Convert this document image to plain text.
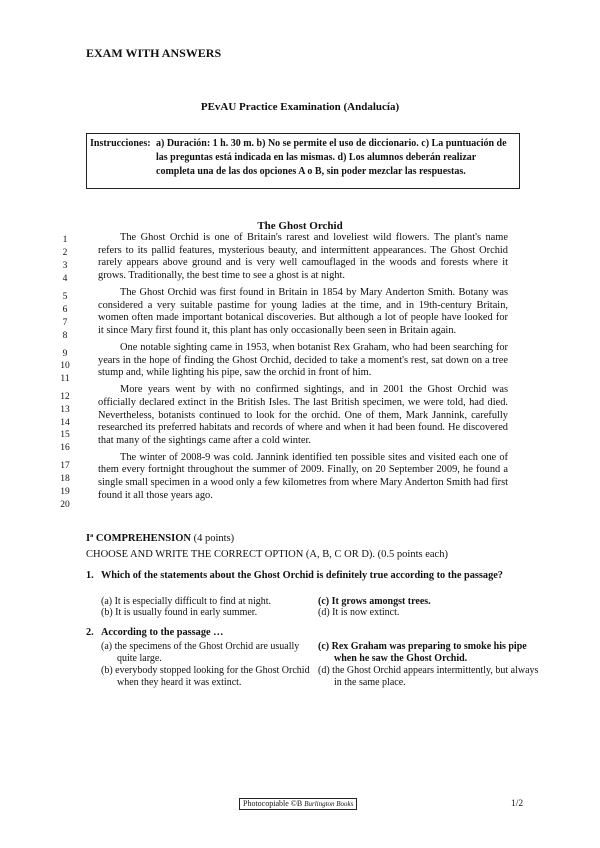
EXAM WITH ANSWERS
PEvAU Practice Examination (Andalucía)
Instrucciones: a) Duración: 1 h. 30 m. b) No se permite el uso de diccionario. c) La puntuación de las preguntas está indicada en las mismas. d) Los alumnos deberán realizar completa una de las dos opciones A o B, sin poder mezclar las respuestas.
The Ghost Orchid
1
2
3
4
5
6
7
8
9
10
11
12
13
14
15
16
17
18
19
20

The Ghost Orchid is one of Britain's rarest and loveliest wild flowers. The plant's name refers to its pallid features, mysterious beauty, and intermittent appearances. The Ghost Orchid rarely appears above ground and is very well camouflaged in the woods and forests where it grows. Traditionally, the best time to see a ghost is at night.

The Ghost Orchid was first found in Britain in 1854 by Mary Anderton Smith. Botany was considered a very suitable pastime for young ladies at the time, and in 19th-century Britain, women often made important botanical discoveries. But although a lot of people have looked for it since Mary first found it, this plant has only occasionally been seen in Britain again.

One notable sighting came in 1953, when botanist Rex Graham, who had been searching for years in the hope of finding the Ghost Orchid, decided to take a moment's rest, sat down on a tree stump and, while lighting his pipe, saw the orchid in front of him.

More years went by with no confirmed sightings, and in 2001 the Ghost Orchid was officially declared extinct in the British Isles. The last British specimen, we were told, had died. Nevertheless, botanists continued to look for the orchid. One of them, Mark Jannink, carefully researched its preferred habitats and records of where and when it had been found. He discovered that many of the sightings came after a cold winter.

The winter of 2008-9 was cold. Jannink identified ten possible sites and visited each one of them every fortnight throughout the summer of 2009. Finally, on 20 September 2009, he found a single small specimen in a wood only a few kilometres from where Mary Anderton Smith had first found it all those years ago.

Iª COMPREHENSION (4 points)
CHOOSE AND WRITE THE CORRECT OPTION (A, B, C OR D). (0.5 points each)
1. Which of the statements about the Ghost Orchid is definitely true according to the passage?
(a) It is especially difficult to find at night.
(b) It is usually found in early summer.
(c) It grows amongst trees.
(d) It is now extinct.
2. According to the passage …
(a) the specimens of the Ghost Orchid are usually quite large.
(b) everybody stopped looking for the Ghost Orchid when they heard it was extinct.
(c) Rex Graham was preparing to smoke his pipe when he saw the Ghost Orchid.
(d) the Ghost Orchid appears intermittently, but always in the same place.
Photocopiable ©B Burlington Books	1/2
